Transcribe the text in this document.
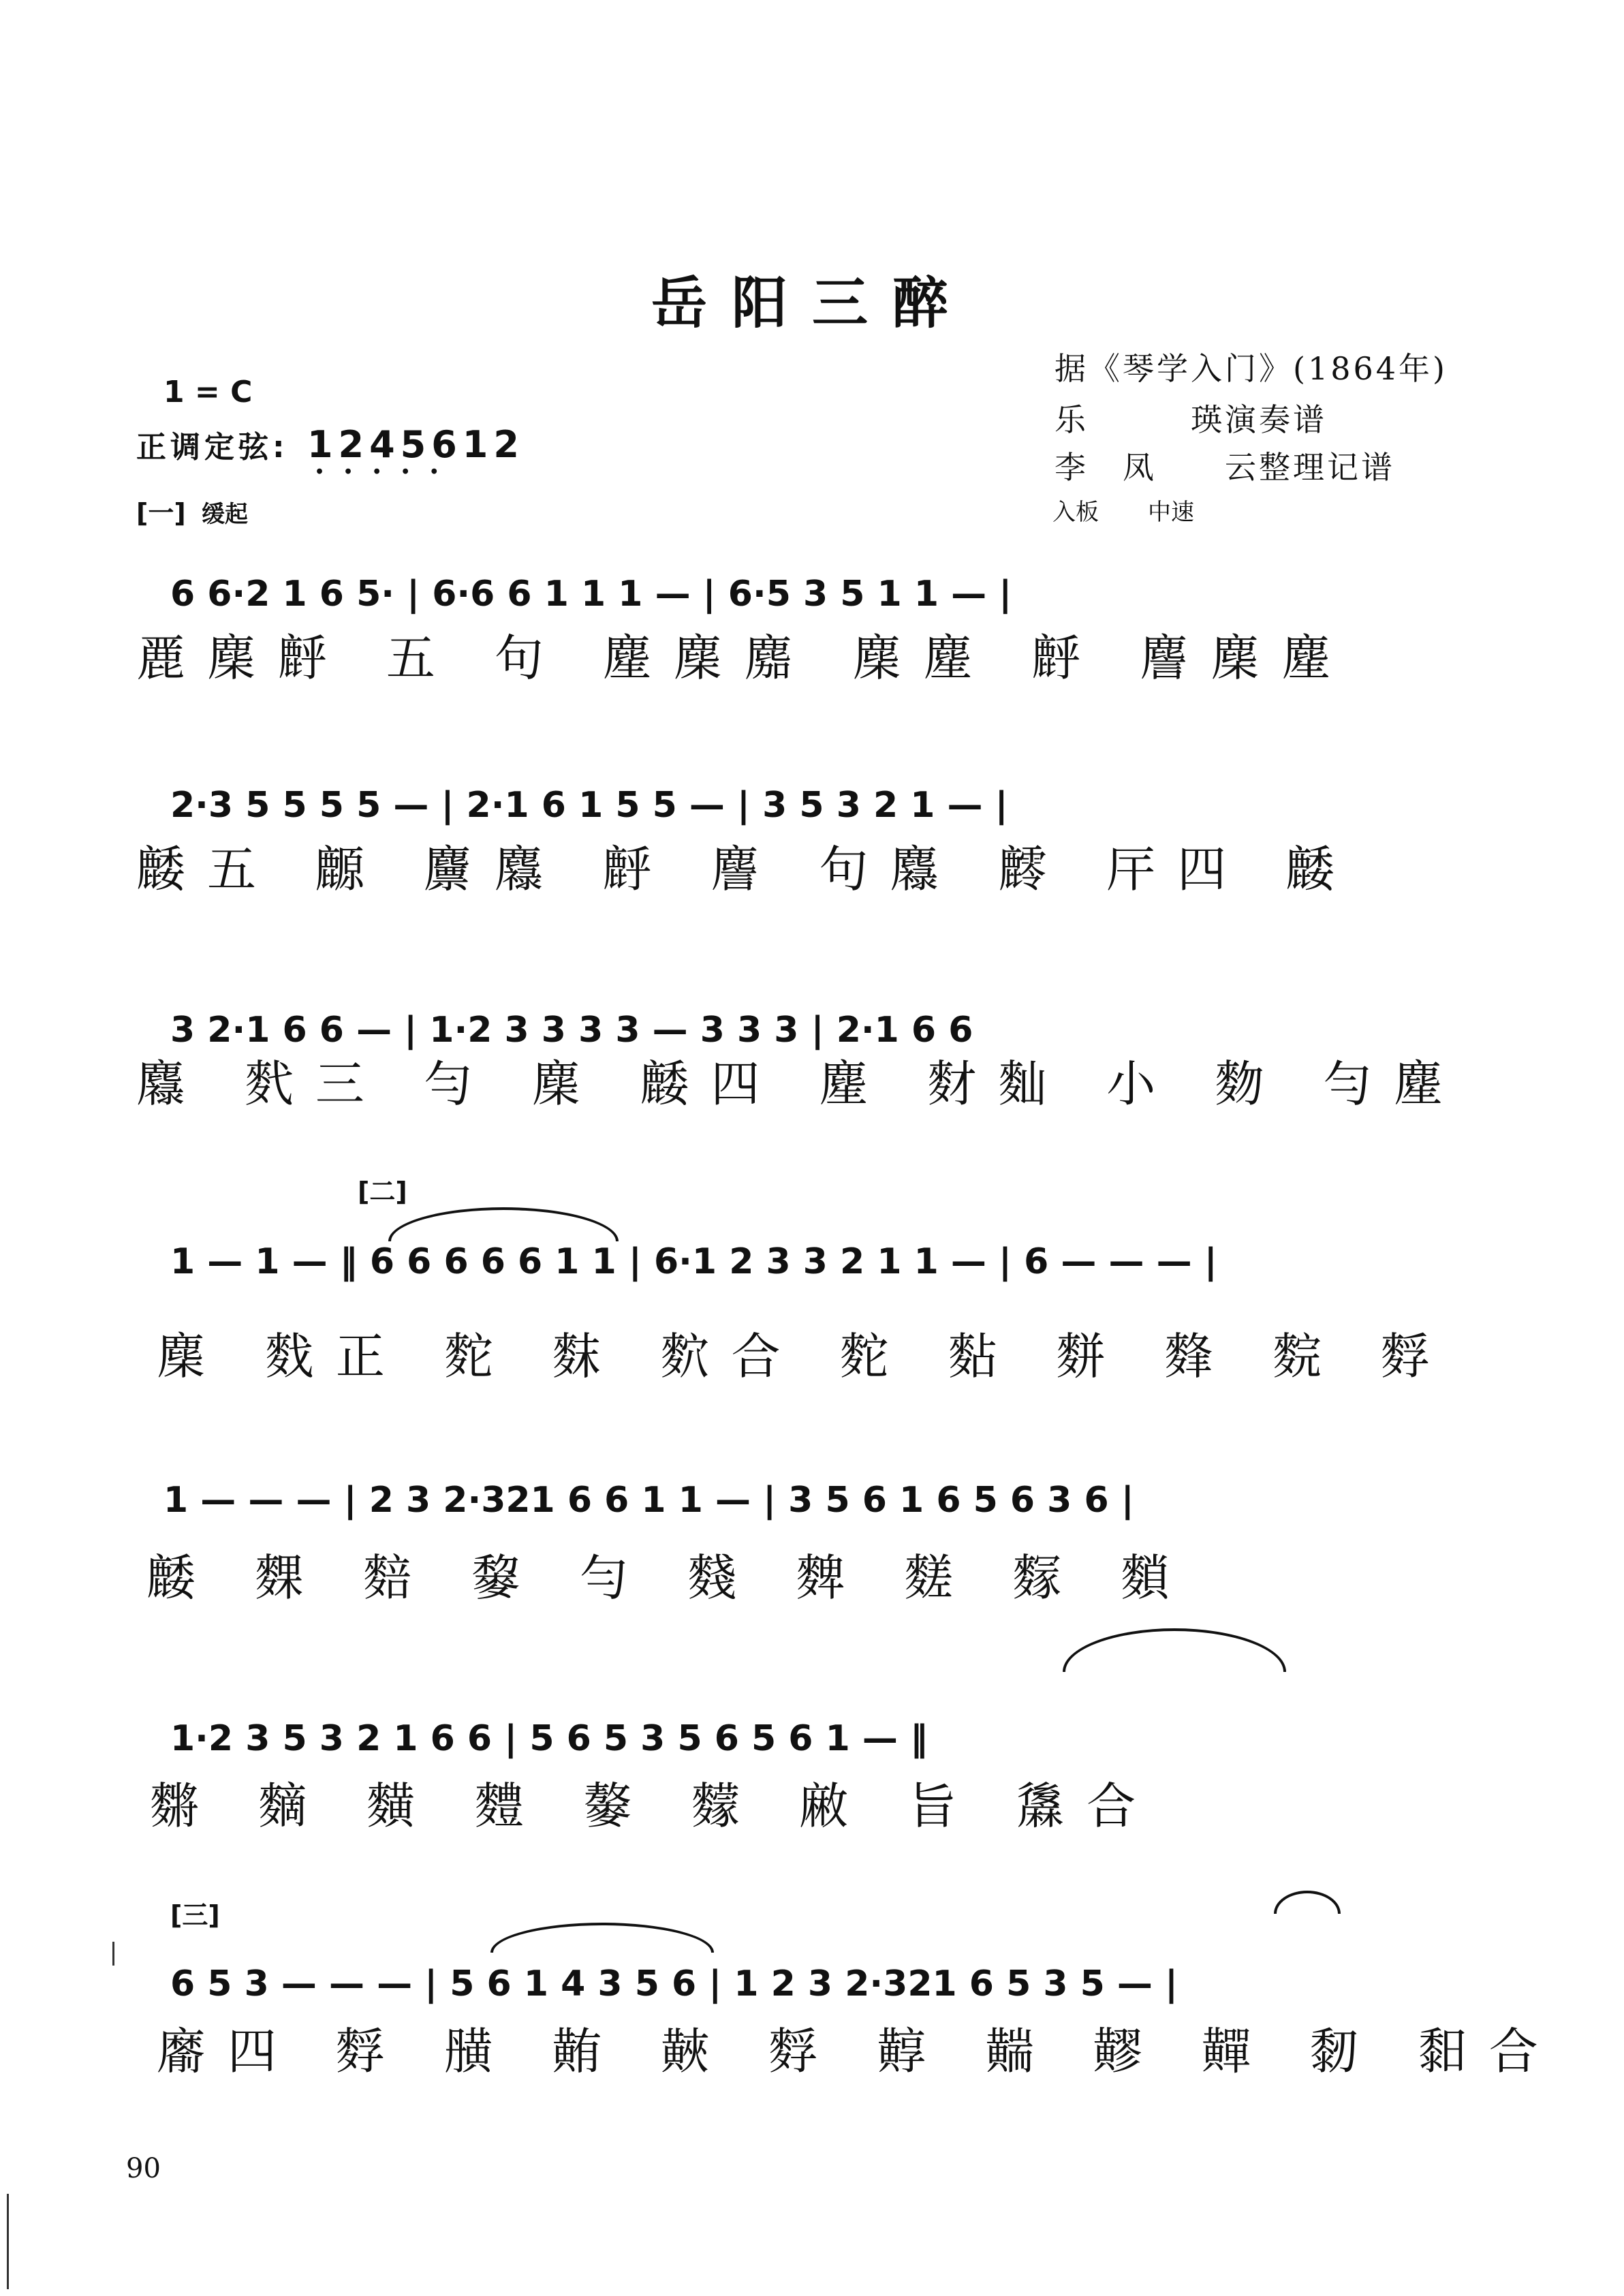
岳阳三醉
1 = C
正调定弦: 1245612
•••••
据《琴学入门》(1864年)
乐　　　瑛演奏谱
李　凤　　云整理记谱
[一] 缓起	入板 中速
6 6·2 1 6 5· | 6·6 6 1 1 1 — | 6·5 3 5 1 1 — |
䴡䴢䴣 五 句 䴤䴢䴥 䴢䴤 䴣 䴦䴢䴤
2·3 5 5 5 5 — | 2·1 6 1 5 5 — | 3 5 3 2 1 — |
䴧五 䴨 䴩䴪 䴣 䴦 句䴪 䴫 厈四 䴧
3 2·1 6 6 — | 1·2 3 3 3 3 — 3 3 3 | 2·1 6 6
䴪 䴬三 勻 䴢 䴧四 䴤 䴭䴮 小 䴯 勻䴤
[二]
1 — 1 — ‖ 6 6 6 6 6 1 1 | 6·1 2 3 3 2 1 1 — | 6 — — — |
䴢 䴰正 䴱 䴲 䴳合 䴱 䴴 䴵 䴶 䴷 䴸
1 — — — | 2 3 2·321 6 6 1 1 — | 3 5 6 1 6 5 6 3 6 |
䴧 䴹 䴺 䴻 勻 䴼 䴽 䴾 䴿 䵀
1·2 3 5 3 2 1 6 6 | 5 6 5 3 5 6 5 6 1 — ‖
䵁 䵂 䵃 䵄 䵅 䵆 䵇 旨 䵈合
[三]
6 5 3 — — — | 5 6 1 4 3 5 6 | 1 2 3 2·321 6 5 3 5 — |
䵉四 䴸 䵊 䵋 䵌 䴸 䵍 䵎 䵏 䵐 䵑 䵒合
90
